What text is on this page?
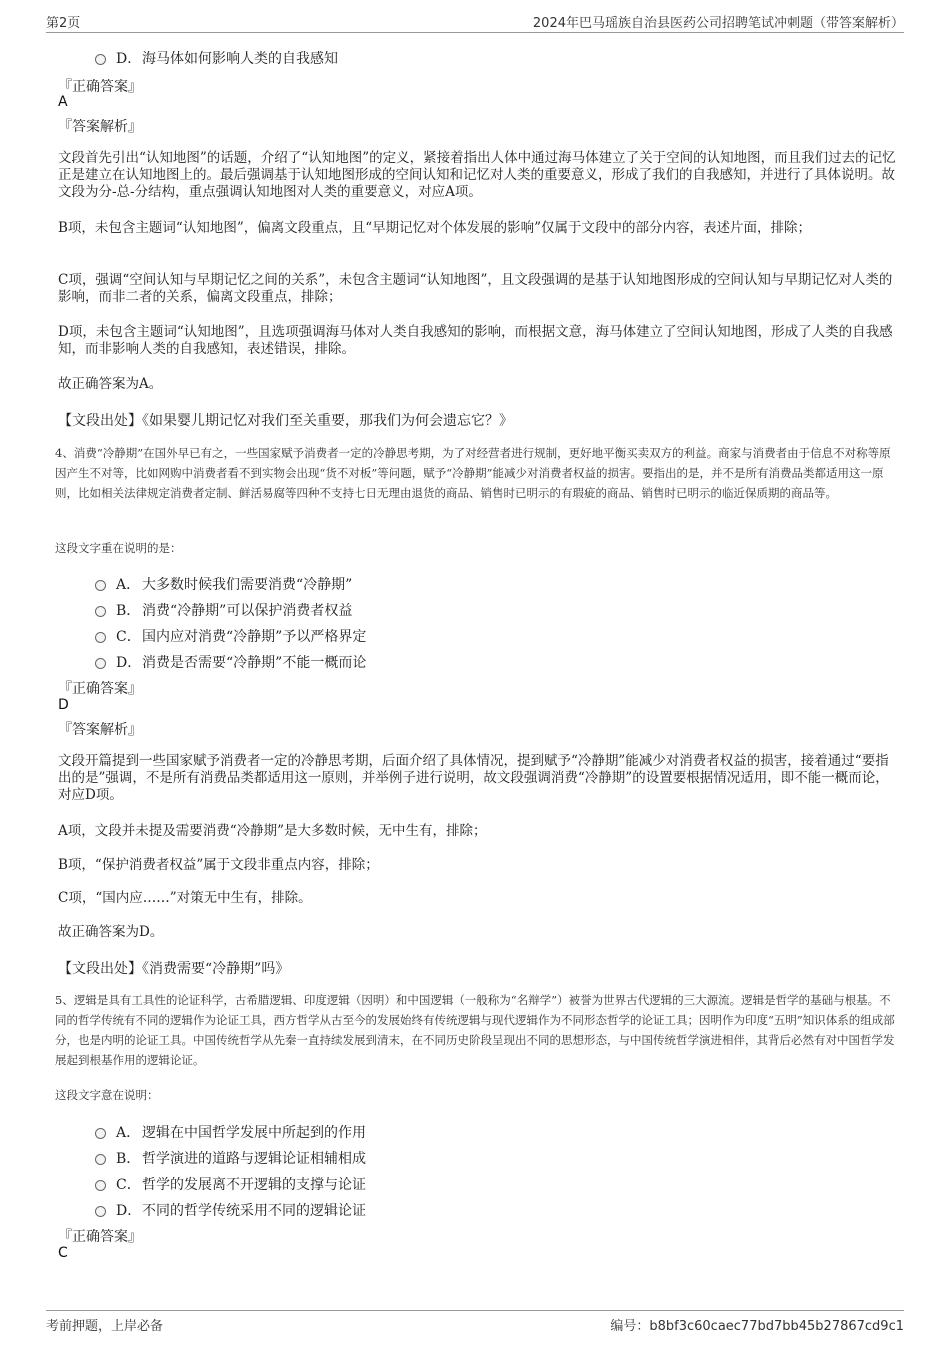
第2页	2024年巴马瑶族自治县医药公司招聘笔试冲刺题（带答案解析）
D． 海马体如何影响人类的自我感知
『正确答案』
A
『答案解析』
文段首先引出“认知地图”的话题，介绍了“认知地图”的定义，紧接着指出人体中通过海马体建立了关于空间的认知地图，而且我们过去的记忆正是建立在认知地图上的。最后强调基于认知地图形成的空间认知和记忆对人类的重要意义，形成了我们的自我感知，并进行了具体说明。故文段为分-总-分结构，重点强调认知地图对人类的重要意义，对应A项。
B项，未包含主题词“认知地图”，偏离文段重点，且“早期记忆对个体发展的影响”仅属于文段中的部分内容，表述片面，排除；
C项，强调“空间认知与早期记忆之间的关系”，未包含主题词“认知地图”，且文段强调的是基于认知地图形成的空间认知与早期记忆对人类的影响，而非二者的关系，偏离文段重点，排除；
D项，未包含主题词“认知地图”，且选项强调海马体对人类自我感知的影响，而根据文意，海马体建立了空间认知地图，形成了人类的自我感知，而非影响人类的自我感知，表述错误，排除。
故正确答案为A。
【文段出处】《如果婴儿期记忆对我们至关重要，那我们为何会遗忘它？》
4、消费“冷静期”在国外早已有之，一些国家赋予消费者一定的冷静思考期，为了对经营者进行规制，更好地平衡买卖双方的利益。商家与消费者由于信息不对称等原因产生不对等，比如网购中消费者看不到实物会出现“货不对板”等问题，赋予“冷静期”能减少对消费者权益的损害。要指出的是，并不是所有消费品类都适用这一原则，比如相关法律规定消费者定制、鲜活易腐等四种不支持七日无理由退货的商品、销售时已明示的有瑕疵的商品、销售时已明示的临近保质期的商品等。
这段文字重在说明的是：
A． 大多数时候我们需要消费“冷静期”
B． 消费“冷静期”可以保护消费者权益
C． 国内应对消费“冷静期”予以严格界定
D． 消费是否需要“冷静期”不能一概而论
『正确答案』
D
『答案解析』
文段开篇提到一些国家赋予消费者一定的冷静思考期，后面介绍了具体情况，提到赋予“冷静期”能减少对消费者权益的损害，接着通过“要指出的是”强调，不是所有消费品类都适用这一原则，并举例子进行说明，故文段强调消费“冷静期”的设置要根据情况适用，即不能一概而论，对应D项。
A项，文段并未提及需要消费“冷静期”是大多数时候，无中生有，排除；
B项，“保护消费者权益”属于文段非重点内容，排除；
C项，“国内应……”对策无中生有，排除。
故正确答案为D。
【文段出处】《消费需要“冷静期”吗》
5、逻辑是具有工具性的论证科学，古希腊逻辑、印度逻辑（因明）和中国逻辑（一般称为“名辩学”）被誉为世界古代逻辑的三大源流。逻辑是哲学的基础与根基。不同的哲学传统有不同的逻辑作为论证工具，西方哲学从古至今的发展始终有传统逻辑与现代逻辑作为不同形态哲学的论证工具；因明作为印度“五明”知识体系的组成部分，也是内明的论证工具。中国传统哲学从先秦一直持续发展到清末，在不同历史阶段呈现出不同的思想形态，与中国传统哲学演进相伴，其背后必然有对中国哲学发展起到根基作用的逻辑论证。
这段文字意在说明：
A． 逻辑在中国哲学发展中所起到的作用
B． 哲学演进的道路与逻辑论证相辅相成
C． 哲学的发展离不开逻辑的支撑与论证
D． 不同的哲学传统采用不同的逻辑论证
『正确答案』
C
考前押题，上岸必备	编号：b8bf3c60caec77bd7bb45b27867cd9c1
